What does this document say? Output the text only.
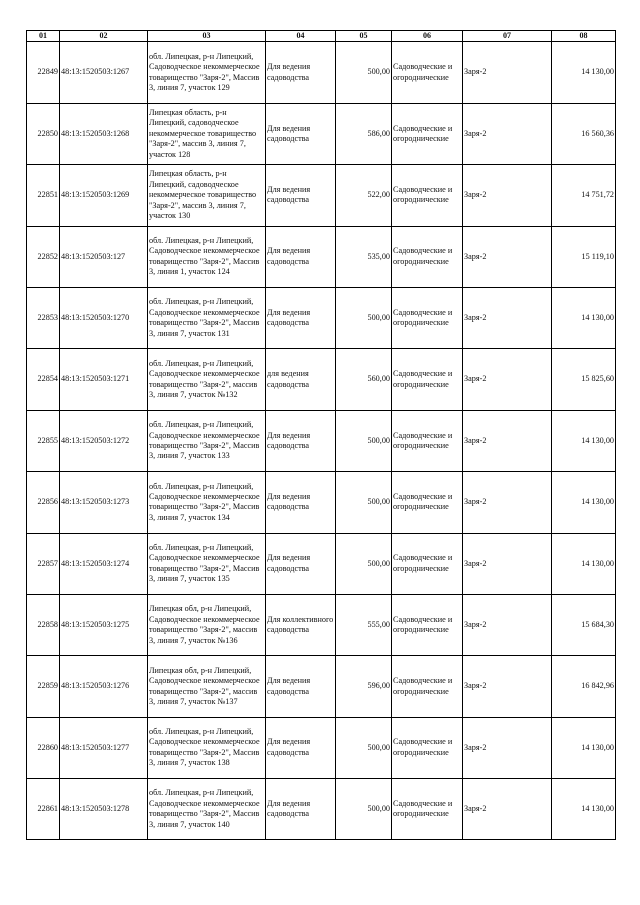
01	02	03	04	05	06	07	08
22849	48:13:1520503:1267	обл. Липецкая, р-н Липецкий, Садоводческое некоммерческое товарищество "Заря-2", Массив 3, линия 7, участок 129	Для ведения садоводства	500,00	Садоводческие и огороднические	Заря-2	14 130,00
22850	48:13:1520503:1268	Липецкая область, р-н Липецкий, садоводческое некоммерческое товарищество "Заря-2", массив 3, линия 7, участок 128	Для ведения садоводства	586,00	Садоводческие и огороднические	Заря-2	16 560,36
22851	48:13:1520503:1269	Липецкая область, р-н Липецкий, садоводческое некоммерческое товарищество "Заря-2", массив 3, линия 7, участок 130	Для ведения садоводства	522,00	Садоводческие и огороднические	Заря-2	14 751,72
22852	48:13:1520503:127	обл. Липецкая, р-н Липецкий, Садоводческое некоммерческое товарищество "Заря-2", Массив 3, линия 1, участок 124	Для ведения садоводства	535,00	Садоводческие и огороднические	Заря-2	15 119,10
22853	48:13:1520503:1270	обл. Липецкая, р-н Липецкий, Садоводческое некоммерческое товарищество "Заря-2", Массив 3, линия 7, участок 131	Для ведения садоводства	500,00	Садоводческие и огороднические	Заря-2	14 130,00
22854	48:13:1520503:1271	обл. Липецкая, р-н Липецкий, Садоводческое некоммерческое товарищество "Заря-2", массив 3, линия 7, участок №132	для ведения садоводства	560,00	Садоводческие и огороднические	Заря-2	15 825,60
22855	48:13:1520503:1272	обл. Липецкая, р-н Липецкий, Садоводческое некоммерческое товарищество "Заря-2", Массив 3, линия 7, участок 133	Для ведения садоводства	500,00	Садоводческие и огороднические	Заря-2	14 130,00
22856	48:13:1520503:1273	обл. Липецкая, р-н Липецкий, Садоводческое некоммерческое товарищество "Заря-2", Массив 3, линия 7, участок 134	Для ведения садоводства	500,00	Садоводческие и огороднические	Заря-2	14 130,00
22857	48:13:1520503:1274	обл. Липецкая, р-н Липецкий, Садоводческое некоммерческое товарищество "Заря-2", Массив 3, линия 7, участок 135	Для ведения садоводства	500,00	Садоводческие и огороднические	Заря-2	14 130,00
22858	48:13:1520503:1275	Липецкая обл, р-н Липецкий, Садоводческое некоммерческое товарищество "Заря-2", массив 3, линия 7, участок №136	Для коллективного садоводства	555,00	Садоводческие и огороднические	Заря-2	15 684,30
22859	48:13:1520503:1276	Липецкая обл, р-н Липецкий, Садоводческое некоммерческое товарищество "Заря-2", массив 3, линия 7, участок №137	Для ведения садоводства	596,00	Садоводческие и огороднические	Заря-2	16 842,96
22860	48:13:1520503:1277	обл. Липецкая, р-н Липецкий, Садоводческое некоммерческое товарищество "Заря-2", Массив 3, линия 7, участок 138	Для ведения садоводства	500,00	Садоводческие и огороднические	Заря-2	14 130,00
22861	48:13:1520503:1278	обл. Липецкая, р-н Липецкий, Садоводческое некоммерческое товарищество "Заря-2", Массив 3, линия 7, участок 140	Для ведения садоводства	500,00	Садоводческие и огороднические	Заря-2	14 130,00
